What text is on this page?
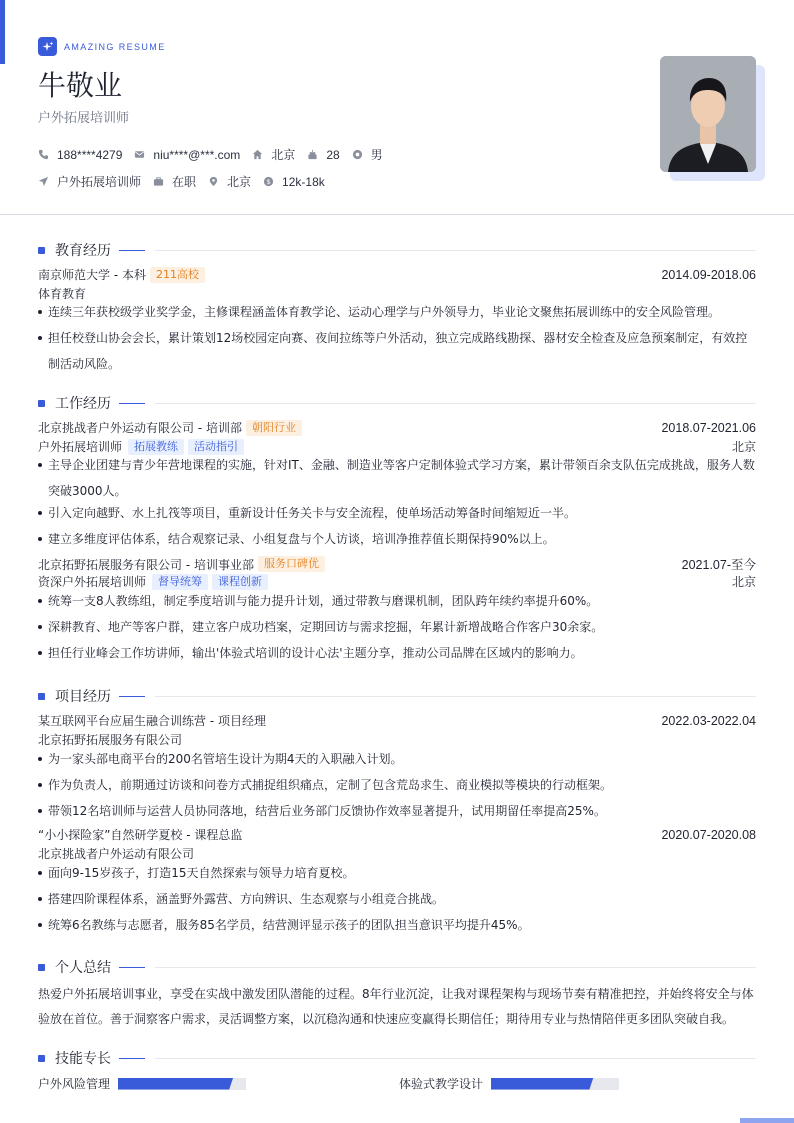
AMAZING RESUME
牛敬业
户外拓展培训师
188****4279	niu****@***.com	北京	28	男
户外拓展培训师	在职	北京 $ 12k-18k
教育经历
南京师范大学 - 本科 211高校	2014.09-2018.06
体育教育
连续三年获校级学业奖学金，主修课程涵盖体育教学论、运动心理学与户外领导力，毕业论文聚焦拓展训练中的安全风险管理。
担任校登山协会会长，累计策划12场校园定向赛、夜间拉练等户外活动，独立完成路线勘探、器材安全检查及应急预案制定，有效控制活动风险。
工作经历
北京挑战者户外运动有限公司 - 培训部 朝阳行业	2018.07-2021.06
户外拓展培训师	拓展教练	活动指引	北京
主导企业团建与青少年营地课程的实施，针对IT、金融、制造业等客户定制体验式学习方案，累计带领百余支队伍完成挑战，服务人数突破3000人。
引入定向越野、水上扎筏等项目，重新设计任务关卡与安全流程，使单场活动筹备时间缩短近一半。
建立多维度评估体系，结合观察记录、小组复盘与个人访谈，培训净推荐值长期保持90%以上。
北京拓野拓展服务有限公司 - 培训事业部 服务口碑优	2021.07-至今
资深户外拓展培训师	督导统筹	课程创新	北京
统筹一支8人教练组，制定季度培训与能力提升计划，通过带教与磨课机制，团队跨年续约率提升60%。
深耕教育、地产等客户群，建立客户成功档案，定期回访与需求挖掘，年累计新增战略合作客户30余家。
担任行业峰会工作坊讲师，输出'体验式培训的设计心法'主题分享，推动公司品牌在区域内的影响力。
项目经历
某互联网平台应届生融合训练营 - 项目经理	2022.03-2022.04
北京拓野拓展服务有限公司
为一家头部电商平台的200名管培生设计为期4天的入职融入计划。
作为负责人，前期通过访谈和问卷方式捕捉组织痛点，定制了包含荒岛求生、商业模拟等模块的行动框架。
带领12名培训师与运营人员协同落地，结营后业务部门反馈协作效率显著提升，试用期留任率提高25%。
“小小探险家”自然研学夏校 - 课程总监	2020.07-2020.08
北京挑战者户外运动有限公司
面向9-15岁孩子，打造15天自然探索与领导力培育夏校。
搭建四阶课程体系，涵盖野外露营、方向辨识、生态观察与小组竞合挑战。
统筹6名教练与志愿者，服务85名学员，结营测评显示孩子的团队担当意识平均提升45%。
个人总结
热爱户外拓展培训事业，享受在实战中激发团队潜能的过程。8年行业沉淀，让我对课程架构与现场节奏有精准把控，并始终将安全与体验放在首位。善于洞察客户需求，灵活调整方案，以沉稳沟通和快速应变赢得长期信任；期待用专业与热情陪伴更多团队突破自我。
技能专长
户外风险管理	体验式教学设计
